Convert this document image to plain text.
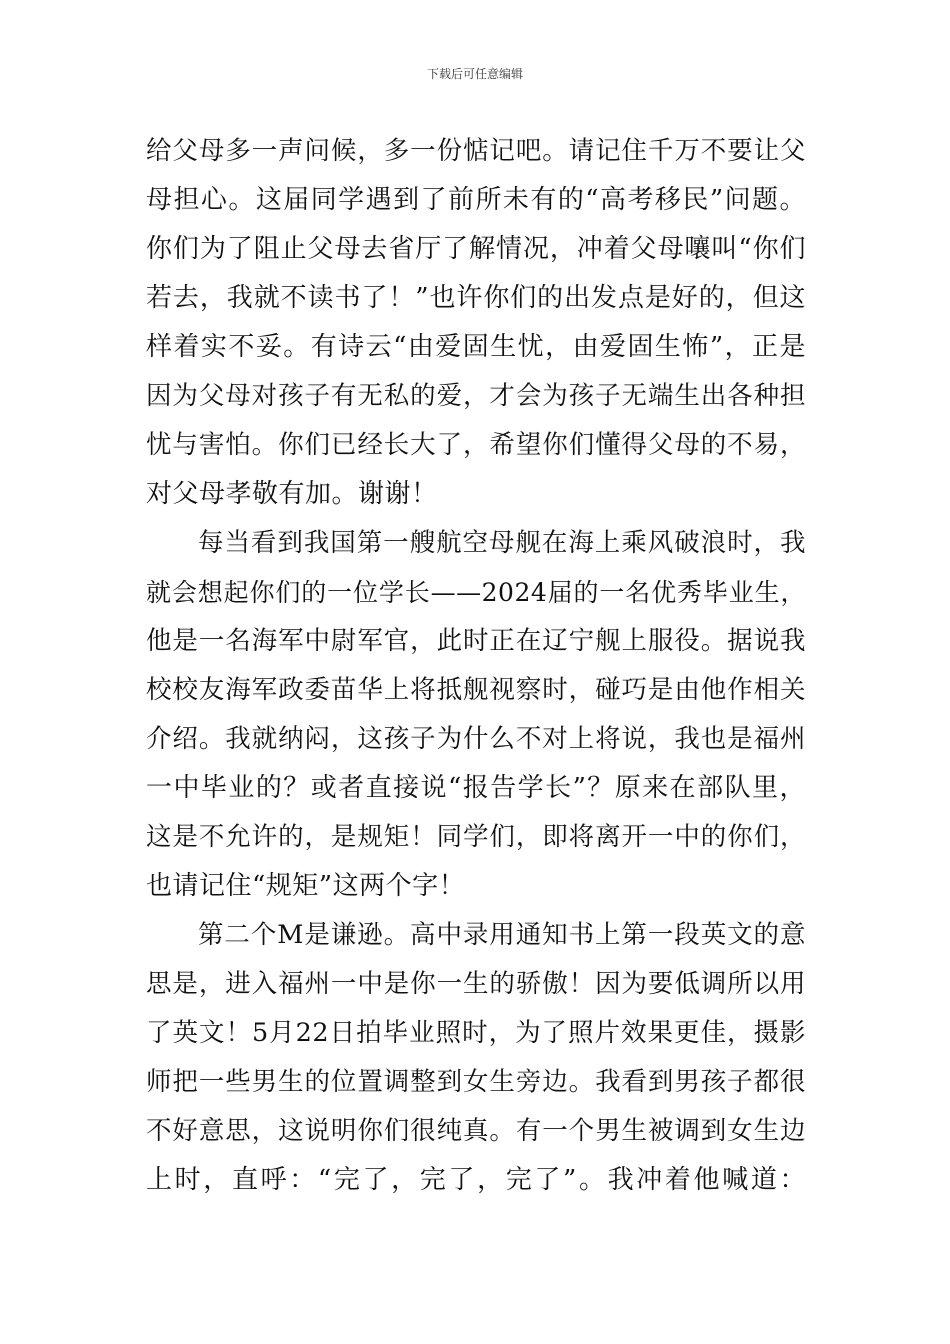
下载后可任意编辑

给父母多一声问候，多一份惦记吧。请记住千万不要让父
母担心。这届同学遇到了前所未有的“高考移民”问题。
你们为了阻止父母去省厅了解情况，冲着父母嚷叫“你们
若去，我就不读书了！”也许你们的出发点是好的，但这
样着实不妥。有诗云“由爱固生忧，由爱固生怖”，正是
因为父母对孩子有无私的爱，才会为孩子无端生出各种担
忧与害怕。你们已经长大了，希望你们懂得父母的不易，
对父母孝敬有加。谢谢！

每当看到我国第一艘航空母舰在海上乘风破浪时，我
就会想起你们的一位学长——2024届的一名优秀毕业生，
他是一名海军中尉军官，此时正在辽宁舰上服役。据说我
校校友海军政委苗华上将抵舰视察时，碰巧是由他作相关
介绍。我就纳闷，这孩子为什么不对上将说，我也是福州
一中毕业的？或者直接说“报告学长”？原来在部队里，
这是不允许的，是规矩！同学们，即将离开一中的你们，
也请记住“规矩”这两个字！

第二个M是谦逊。高中录用通知书上第一段英文的意
思是，进入福州一中是你一生的骄傲！因为要低调所以用
了英文！5月22日拍毕业照时，为了照片效果更佳，摄影
师把一些男生的位置调整到女生旁边。我看到男孩子都很
不好意思，这说明你们很纯真。有一个男生被调到女生边
上时，直呼：“完了，完了，完了”。我冲着他喊道：
